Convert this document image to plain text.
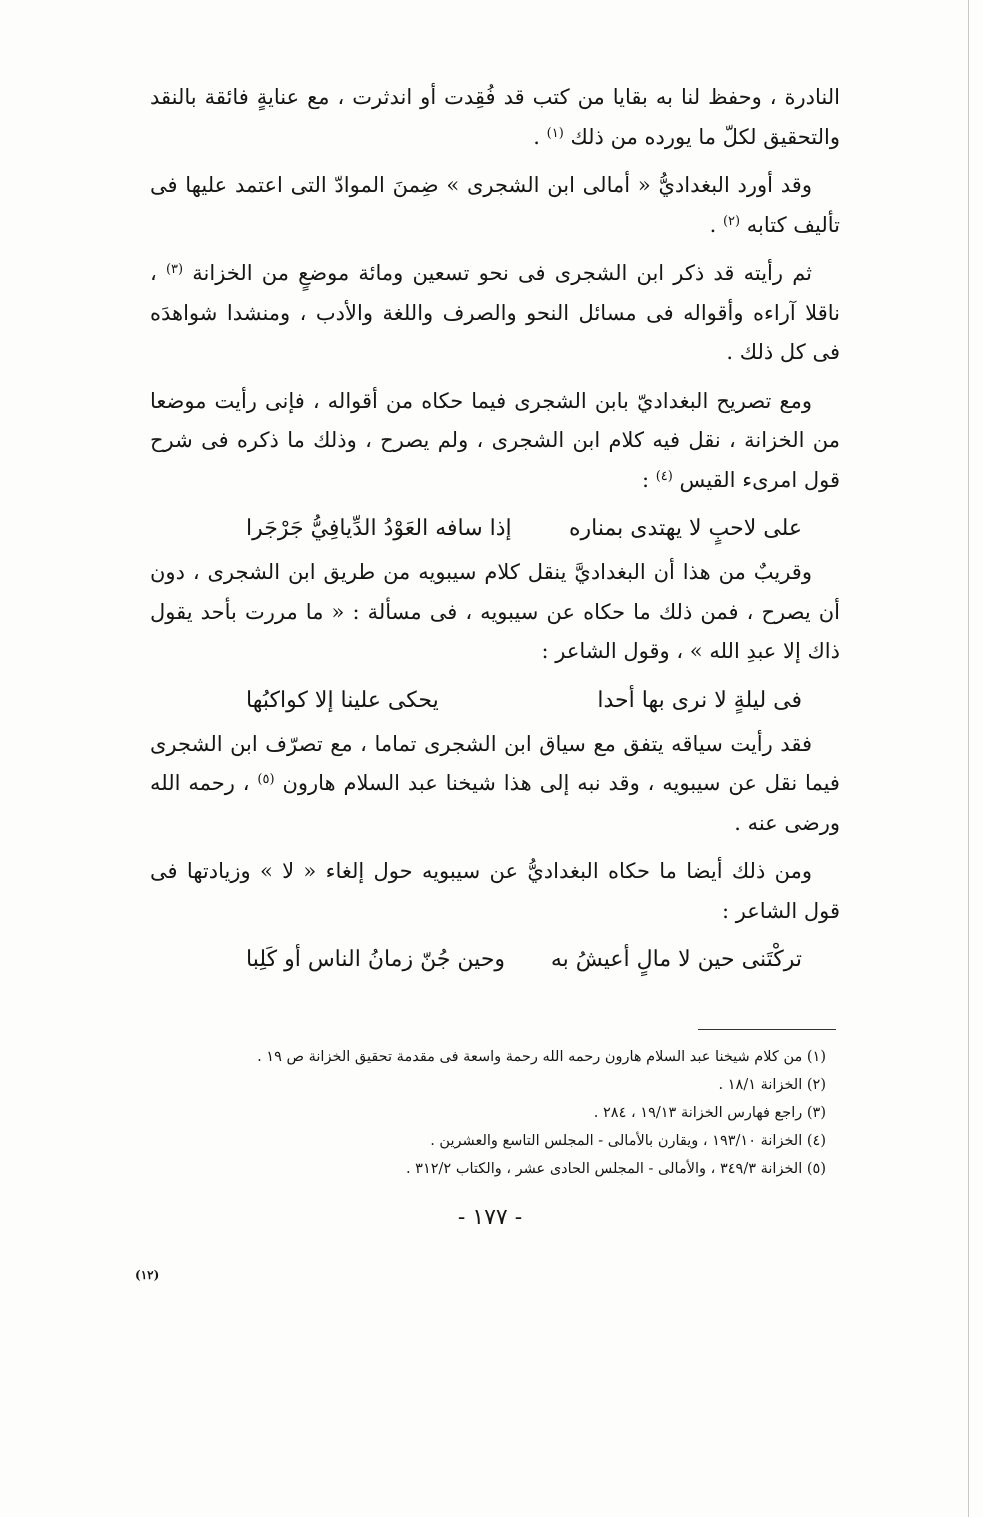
النادرة ، وحفظ لنا به بقايا من كتب قد فُقِدت أو اندثرت ، مع عنايةٍ فائقة بالنقد والتحقيق لكلّ ما يورده من ذلك $^{(١)}$ .

وقد أورد البغداديُّ « أمالى ابن الشجرى » ضِمنَ الموادّ التى اعتمد عليها فى تأليف كتابه $^{(٢)}$ .

ثم رأيته قد ذكر ابن الشجرى فى نحو تسعين ومائة موضعٍ من الخزانة $^{(٣)}$ ، ناقلا آراءه وأقواله فى مسائل النحو والصرف واللغة والأدب ، ومنشدا شواهدَه فى كل ذلك .

ومع تصريح البغداديّ بابن الشجرى فيما حكاه من أقواله ، فإنى رأيت موضعا من الخزانة ، نقل فيه كلام ابن الشجرى ، ولم يصرح ، وذلك ما ذكره فى شرح قول امرىء القيس $^{(٤)}$ :

على لاحبٍ لا يهتدى بمناره
إذا سافه العَوْدُ الدِّيافِيُّ جَرْجَرا

وقريبٌ من هذا أن البغداديَّ ينقل كلام سيبويه من طريق ابن الشجرى ، دون أن يصرح ، فمن ذلك ما حكاه عن سيبويه ، فى مسألة : « ما مررت بأحد يقول ذاك إلا عبدِ الله » ، وقول الشاعر :

فى ليلةٍ لا نرى بها أحدا
يحكى علينا إلا كواكبُها

فقد رأيت سياقه يتفق مع سياق ابن الشجرى تماما ، مع تصرّف ابن الشجرى فيما نقل عن سيبويه ، وقد نبه إلى هذا شيخنا عبد السلام هارون $^{(٥)}$ ، رحمه الله ورضى عنه .

ومن ذلك أيضا ما حكاه البغداديُّ عن سيبويه حول إلغاء « لا » وزيادتها فى قول الشاعر :

تركْتَنى حين لا مالٍ أعيشُ به
وحين جُنّ زمانُ الناس أو كَلِبا
(١) من كلام شيخنا عبد السلام هارون رحمه الله رحمة واسعة فى مقدمة تحقيق الخزانة ص ١٩ .
(٢) الخزانة ١٨/١ .
(٣) راجع فهارس الخزانة ١٩/١٣ ، ٢٨٤ .
(٤) الخزانة ١٩٣/١٠ ، ويقارن بالأمالى - المجلس التاسع والعشرين .
(٥) الخزانة ٣٤٩/٣ ، والأمالى - المجلس الحادى عشر ، والكتاب ٣١٢/٢ .
- ١٧٧ -
(١٢)
